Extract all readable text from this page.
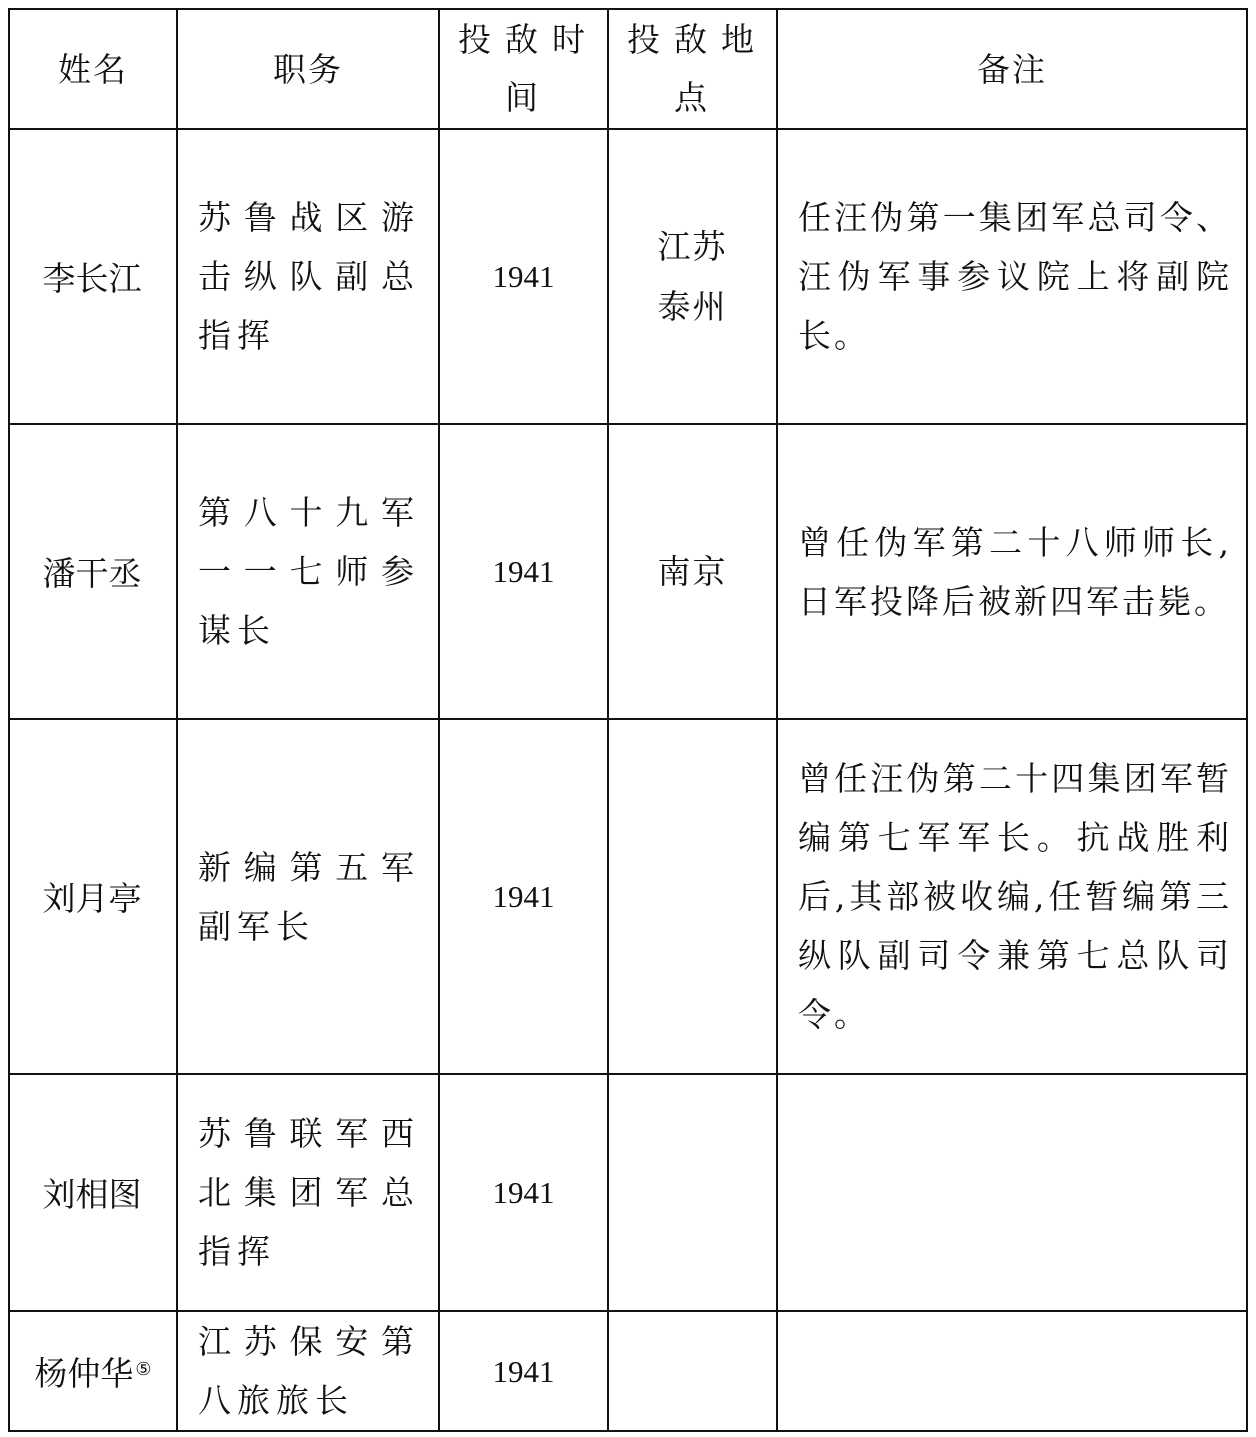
姓名	职务	投敌时间	投敌地点	备注
李长江	苏鲁战区游击纵队副总指挥	1941	江苏泰州	任汪伪第一集团军总司令、汪伪军事参议院上将副院长。
潘干丞	第八十九军一一七师参谋长	1941	南京	曾任伪军第二十八师师长,日军投降后被新四军击毙。
刘月亭	新编第五军副军长	1941		曾任汪伪第二十四集团军暂编第七军军长。抗战胜利后,其部被收编,任暂编第三纵队副司令兼第七总队司令。
刘相图	苏鲁联军西北集团军总指挥	1941		
杨仲华 ⑤	江苏保安第八旅旅长	1941		
